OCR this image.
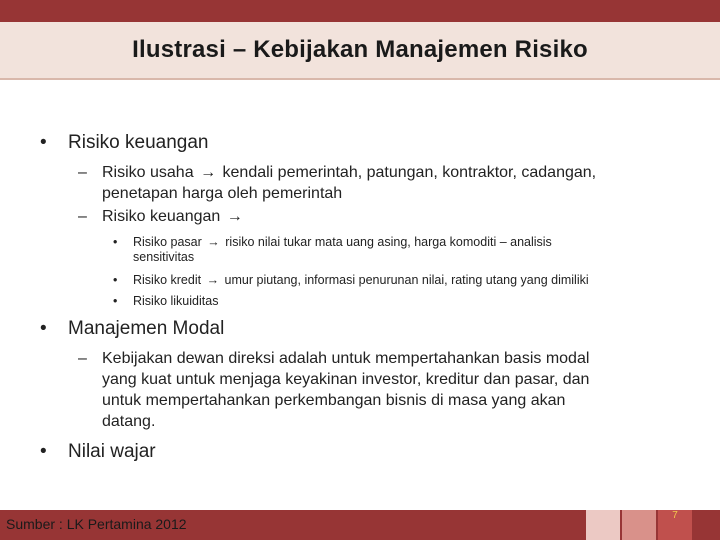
Ilustrasi – Kebijakan Manajemen Risiko
• Risiko keuangan
– Risiko usaha → kendali pemerintah, patungan, kontraktor, cadangan,
penetapan harga oleh pemerintah
– Risiko keuangan →
• Risiko pasar → risiko nilai tukar mata uang asing, harga komoditi – analisis
sensitivitas
• Risiko kredit → umur piutang, informasi penurunan nilai, rating utang yang dimiliki
• Risiko likuiditas
• Manajemen Modal
– Kebijakan dewan direksi adalah untuk mempertahankan basis modal
yang kuat untuk menjaga keyakinan investor, kreditur dan pasar, dan
untuk mempertahankan perkembangan bisnis di masa yang akan
datang.
• Nilai wajar
Sumber : LK Pertamina 2012
7
